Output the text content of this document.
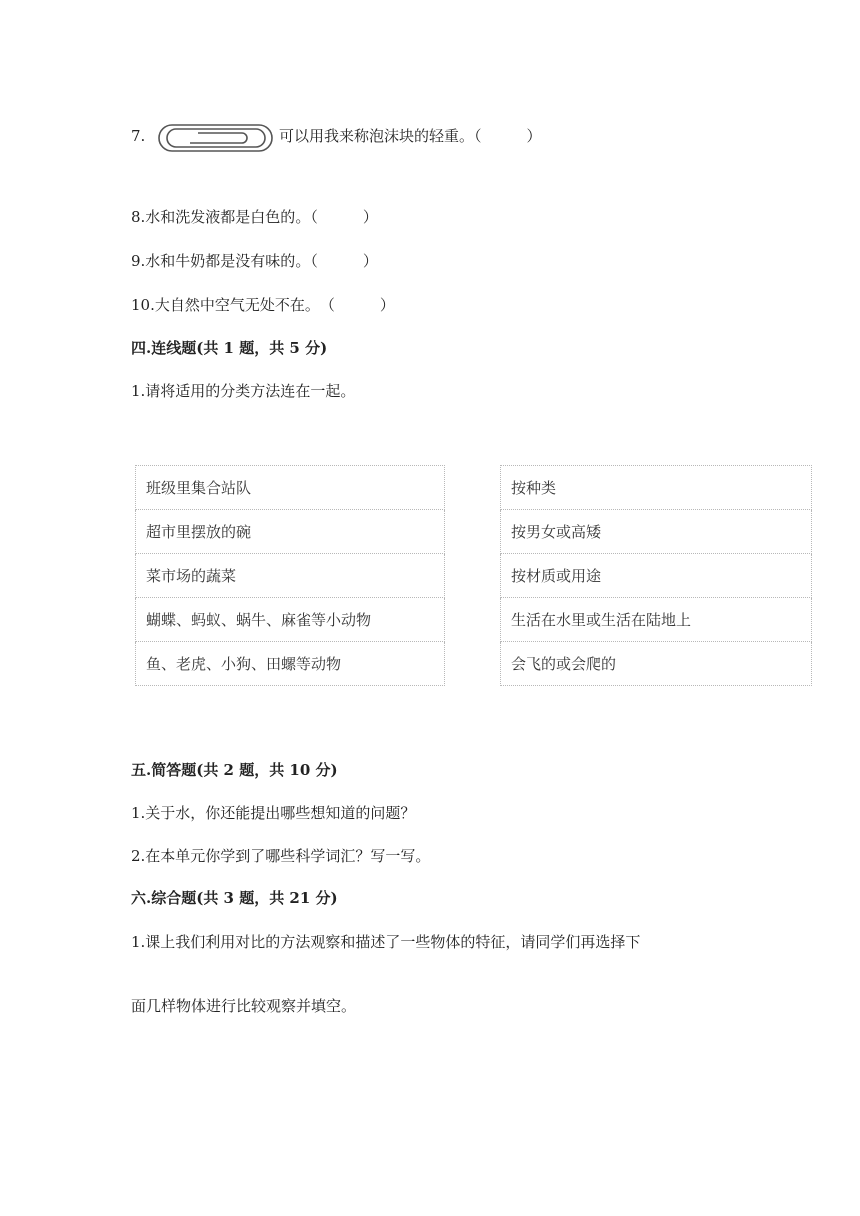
7.	可以用我来称泡沫块的轻重。（　　　）
8.水和洗发液都是白色的。（　　　）
9.水和牛奶都是没有味的。（　　　）
10.大自然中空气无处不在。　（　　　）
四.连线题(共 1 题，共 5 分)
1.请将适用的分类方法连在一起。
班级里集合站队
超市里摆放的碗
菜市场的蔬菜
蝴蝶、蚂蚁、蜗牛、麻雀等小动物
鱼、老虎、小狗、田螺等动物
按种类
按男女或高矮
按材质或用途
生活在水里或生活在陆地上
会飞的或会爬的
五.简答题(共 2 题，共 10 分)
1.关于水，你还能提出哪些想知道的问题？
2.在本单元你学到了哪些科学词汇？写一写。
六.综合题(共 3 题，共 21 分)
1.课上我们利用对比的方法观察和描述了一些物体的特征，请同学们再选择下
面几样物体进行比较观察并填空。
